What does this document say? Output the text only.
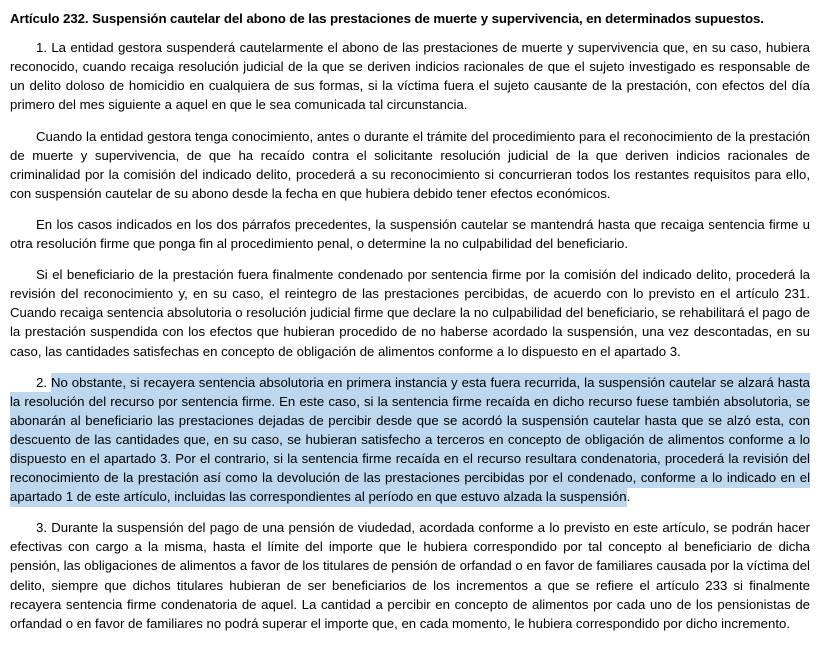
Artículo 232. Suspensión cautelar del abono de las prestaciones de muerte y supervivencia, en determinados supuestos.

1. La entidad gestora suspenderá cautelarmente el abono de las prestaciones de muerte y supervivencia que, en su caso, hubiera reconocido, cuando recaiga resolución judicial de la que se deriven indicios racionales de que el sujeto investigado es responsable de un delito doloso de homicidio en cualquiera de sus formas, si la víctima fuera el sujeto causante de la prestación, con efectos del día primero del mes siguiente a aquel en que le sea comunicada tal circunstancia.

Cuando la entidad gestora tenga conocimiento, antes o durante el trámite del procedimiento para el reconocimiento de la prestación de muerte y supervivencia, de que ha recaído contra el solicitante resolución judicial de la que deriven indicios racionales de criminalidad por la comisión del indicado delito, procederá a su reconocimiento si concurrieran todos los restantes requisitos para ello, con suspensión cautelar de su abono desde la fecha en que hubiera debido tener efectos económicos.

En los casos indicados en los dos párrafos precedentes, la suspensión cautelar se mantendrá hasta que recaiga sentencia firme u otra resolución firme que ponga fin al procedimiento penal, o determine la no culpabilidad del beneficiario.

Si el beneficiario de la prestación fuera finalmente condenado por sentencia firme por la comisión del indicado delito, procederá la revisión del reconocimiento y, en su caso, el reintegro de las prestaciones percibidas, de acuerdo con lo previsto en el artículo 231. Cuando recaiga sentencia absolutoria o resolución judicial firme que declare la no culpabilidad del beneficiario, se rehabilitará el pago de la prestación suspendida con los efectos que hubieran procedido de no haberse acordado la suspensión, una vez descontadas, en su caso, las cantidades satisfechas en concepto de obligación de alimentos conforme a lo dispuesto en el apartado 3.

2. No obstante, si recayera sentencia absolutoria en primera instancia y esta fuera recurrida, la suspensión cautelar se alzará hasta la resolución del recurso por sentencia firme. En este caso, si la sentencia firme recaída en dicho recurso fuese también absolutoria, se abonarán al beneficiario las prestaciones dejadas de percibir desde que se acordó la suspensión cautelar hasta que se alzó esta, con descuento de las cantidades que, en su caso, se hubieran satisfecho a terceros en concepto de obligación de alimentos conforme a lo dispuesto en el apartado 3. Por el contrario, si la sentencia firme recaída en el recurso resultara condenatoria, procederá la revisión del reconocimiento de la prestación así como la devolución de las prestaciones percibidas por el condenado, conforme a lo indicado en el apartado 1 de este artículo, incluidas las correspondientes al período en que estuvo alzada la suspensión.

3. Durante la suspensión del pago de una pensión de viudedad, acordada conforme a lo previsto en este artículo, se podrán hacer efectivas con cargo a la misma, hasta el límite del importe que le hubiera correspondido por tal concepto al beneficiario de dicha pensión, las obligaciones de alimentos a favor de los titulares de pensión de orfandad o en favor de familiares causada por la víctima del delito, siempre que dichos titulares hubieran de ser beneficiarios de los incrementos a que se refiere el artículo 233 si finalmente recayera sentencia firme condenatoria de aquel. La cantidad a percibir en concepto de alimentos por cada uno de los pensionistas de orfandad o en favor de familiares no podrá superar el importe que, en cada momento, le hubiera correspondido por dicho incremento.
